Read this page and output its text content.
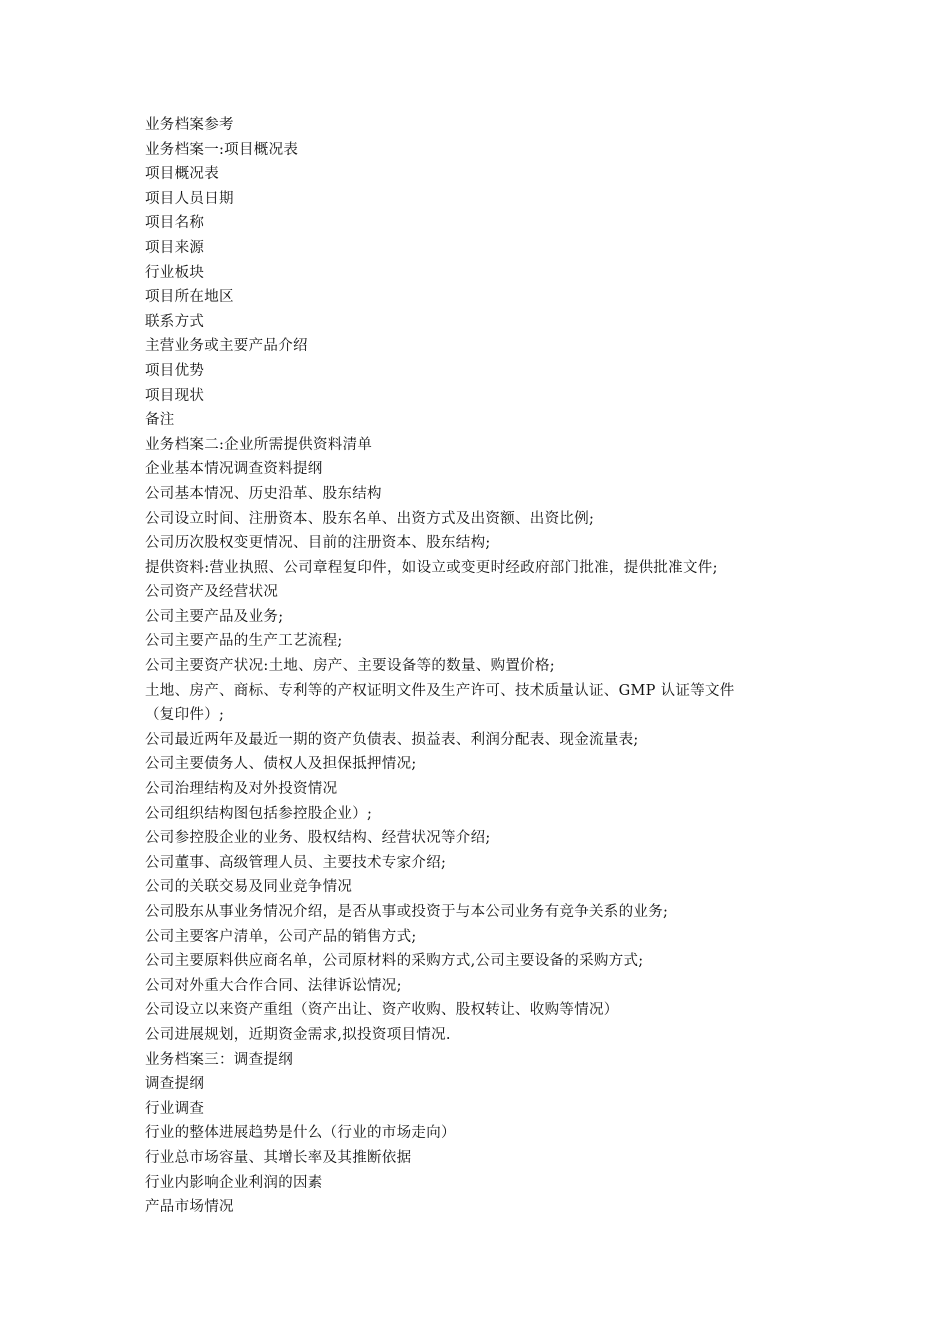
业务档案参考
业务档案一:项目概况表
项目概况表
项目人员日期
项目名称
项目来源
行业板块
项目所在地区
联系方式
主营业务或主要产品介绍
项目优势
项目现状
备注
业务档案二:企业所需提供资料清单
企业基本情况调查资料提纲
公司基本情况、历史沿革、股东结构
公司设立时间、注册资本、股东名单、出资方式及出资额、出资比例;
公司历次股权变更情况、目前的注册资本、股东结构;
提供资料:营业执照、公司章程复印件，如设立或变更时经政府部门批准，提供批准文件;
公司资产及经营状况
公司主要产品及业务;
公司主要产品的生产工艺流程;
公司主要资产状况:土地、房产、主要设备等的数量、购置价格;
土地、房产、商标、专利等的产权证明文件及生产许可、技术质量认证、GMP 认证等文件
（复印件）;
公司最近两年及最近一期的资产负债表、损益表、利润分配表、现金流量表;
公司主要债务人、债权人及担保抵押情况;
公司治理结构及对外投资情况
公司组织结构图包括参控股企业）;
公司参控股企业的业务、股权结构、经营状况等介绍;
公司董事、高级管理人员、主要技术专家介绍;
公司的关联交易及同业竞争情况
公司股东从事业务情况介绍，是否从事或投资于与本公司业务有竞争关系的业务;
公司主要客户清单，公司产品的销售方式;
公司主要原料供应商名单，公司原材料的采购方式,公司主要设备的采购方式;
公司对外重大合作合同、法律诉讼情况;
公司设立以来资产重组（资产出让、资产收购、股权转让、收购等情况）
公司进展规划，近期资金需求,拟投资项目情况.
业务档案三：调查提纲
调查提纲
行业调查
行业的整体进展趋势是什么（行业的市场走向）
行业总市场容量、其增长率及其推断依据
行业内影响企业利润的因素
产品市场情况
